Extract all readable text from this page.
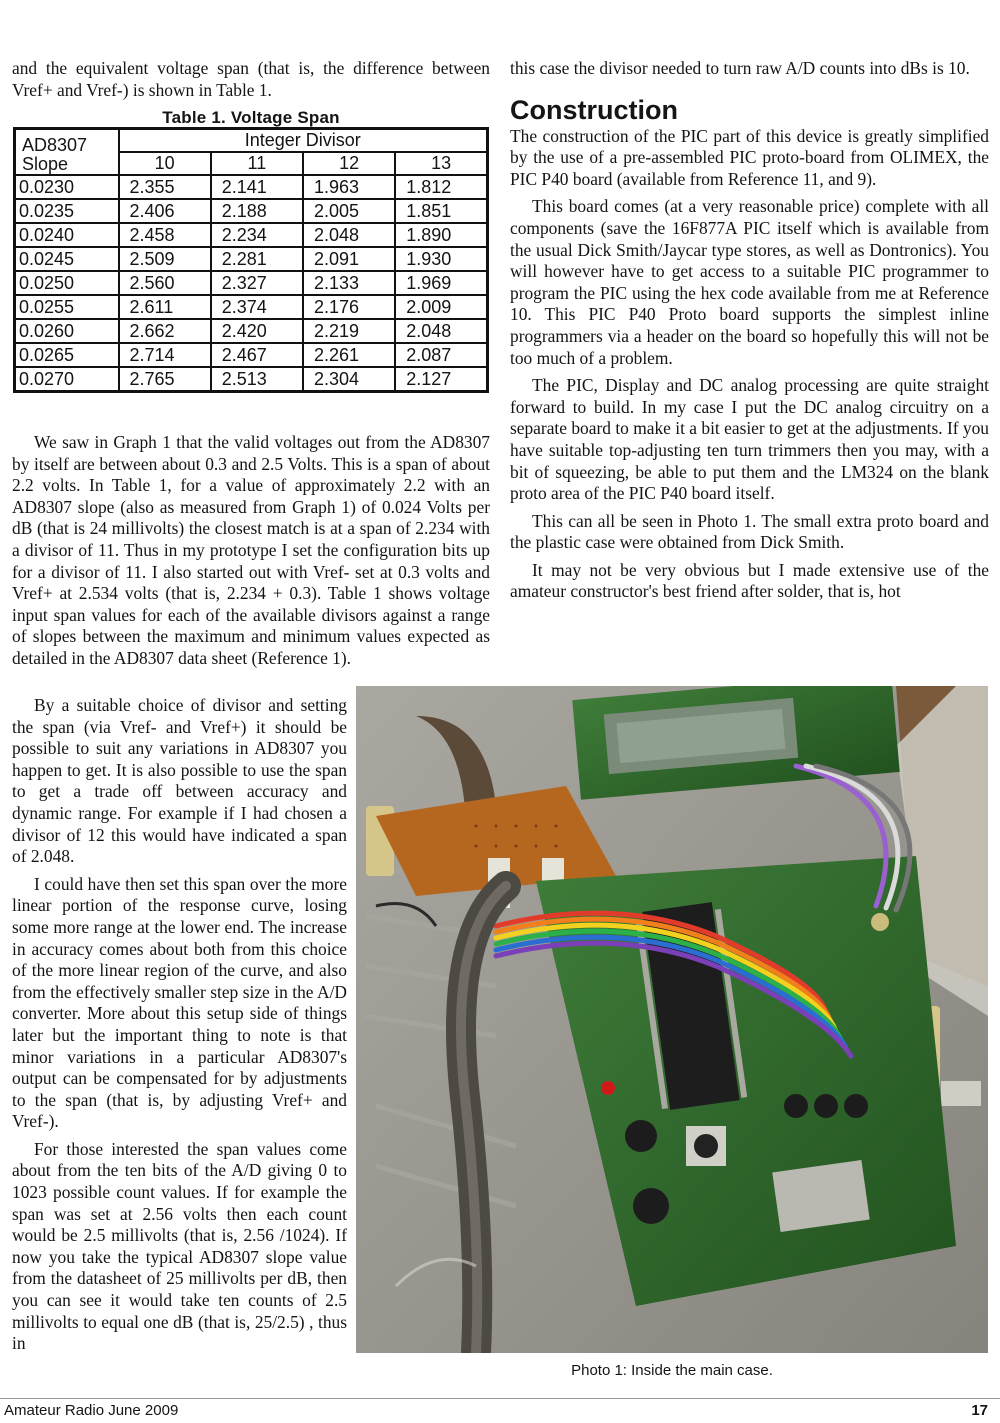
and the equivalent voltage span (that is, the difference between Vref+ and Vref-) is shown in Table 1.

Table 1. Voltage Span
AD8307 Slope	Integer Divisor			
	10	11	12	13
0.0230	2.355	2.141	1.963	1.812
0.0235	2.406	2.188	2.005	1.851
0.0240	2.458	2.234	2.048	1.890
0.0245	2.509	2.281	2.091	1.930
0.0250	2.560	2.327	2.133	1.969
0.0255	2.611	2.374	2.176	2.009
0.0260	2.662	2.420	2.219	2.048
0.0265	2.714	2.467	2.261	2.087
0.0270	2.765	2.513	2.304	2.127

We saw in Graph 1 that the valid voltages out from the AD8307 by itself are between about 0.3 and 2.5 Volts. This is a span of about 2.2 volts. In Table 1, for a value of approximately 2.2 with an AD8307 slope (also as measured from Graph 1) of 0.024 Volts per dB (that is 24 millivolts) the closest match is at a span of 2.234 with a divisor of 11. Thus in my prototype I set the configuration bits up for a divisor of 11. I also started out with Vref- set at 0.3 volts and Vref+ at 2.534 volts (that is, 2.234 + 0.3). Table 1 shows voltage input span values for each of the available divisors against a range of slopes between the maximum and minimum values expected as detailed in the AD8307 data sheet (Reference 1).

By a suitable choice of divisor and setting the span (via Vref- and Vref+) it should be possible to suit any variations in AD8307 you happen to get. It is also possible to use the span to get a trade off between accuracy and dynamic range. For example if I had chosen a divisor of 12 this would have indicated a span of 2.048.

I could have then set this span over the more linear portion of the response curve, losing some more range at the lower end. The increase in accuracy comes about both from this choice of the more linear region of the curve, and also from the effectively smaller step size in the A/D converter. More about this setup side of things later but the important thing to note is that minor variations in a particular AD8307's output can be compensated for by adjustments to the span (that is, by adjusting Vref+ and Vref-).

For those interested the span values come about from the ten bits of the A/D giving 0 to 1023 possible count values. If for example the span was set at 2.56 volts then each count would be 2.5 millivolts (that is, 2.56 /1024). If now you take the typical AD8307 slope value from the datasheet of 25 millivolts per dB, then you can see it would take ten counts of 2.5 millivolts to equal one dB (that is, 25/2.5) , thus in

this case the divisor needed to turn raw A/D counts into dBs is 10.

Construction

The construction of the PIC part of this device is greatly simplified by the use of a pre-assembled PIC proto-board from OLIMEX, the PIC P40 board (available from Reference 11, and 9).

This board comes (at a very reasonable price) complete with all components (save the 16F877A PIC itself which is available from the usual Dick Smith/Jaycar type stores, as well as Dontronics). You will however have to get access to a suitable PIC programmer to program the PIC using the hex code available from me at Reference 10. This PIC P40 Proto board supports the simplest inline programmers via a header on the board so hopefully this will not be too much of a problem.

The PIC, Display and DC analog processing are quite straight forward to build. In my case I put the DC analog circuitry on a separate board to make it a bit easier to get at the adjustments. If you have suitable top-adjusting ten turn trimmers then you may, with a bit of squeezing, be able to put them and the LM324 on the blank proto area of the PIC P40 board itself.

This can all be seen in Photo 1. The small extra proto board and the plastic case were obtained from Dick Smith.

It may not be very obvious but I made extensive use of the amateur constructor's best friend after solder, that is, hot

Photo 1: Inside the main case.
Amateur Radio June 2009	17
